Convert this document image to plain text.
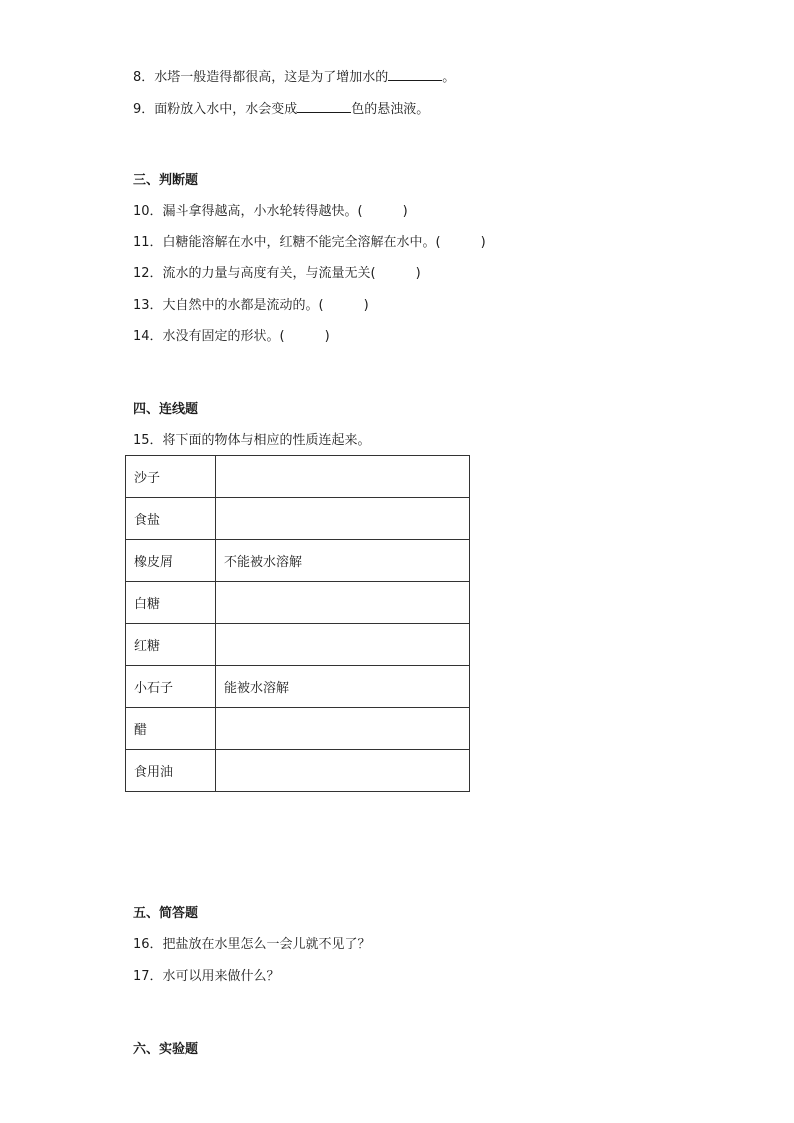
8．水塔一般造得都很高，这是为了增加水的	。
9．面粉放入水中，水会变成	色的悬浊液。
三、判断题
10．漏斗拿得越高，小水轮转得越快。(	)
11．白糖能溶解在水中，红糖不能完全溶解在水中。(	)
12．流水的力量与高度有关，与流量无关(	)
13．大自然中的水都是流动的。(	)
14．水没有固定的形状。(	)
四、连线题
15．将下面的物体与相应的性质连起来。
沙子	
食盐	
橡皮屑	不能被水溶解
白糖	
红糖	
小石子	能被水溶解
醋	
食用油	
五、简答题
16．把盐放在水里怎么一会儿就不见了？
17．水可以用来做什么？
六、实验题
